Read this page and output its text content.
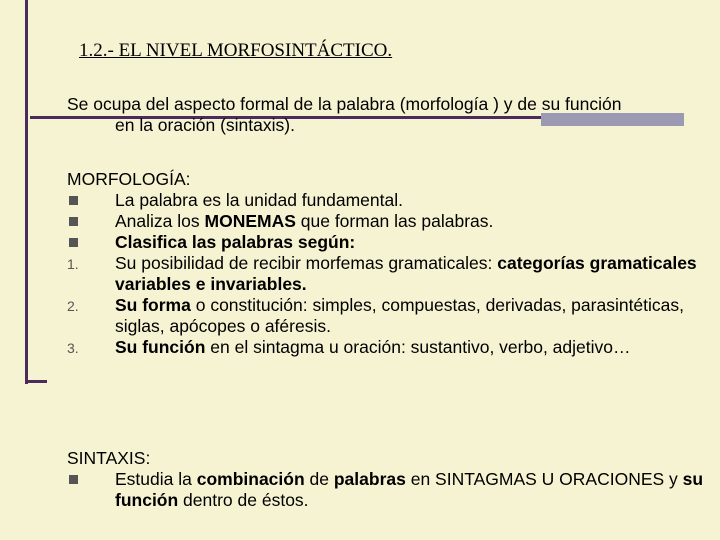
1.2.- EL NIVEL MORFOSINTÁCTICO.
Se ocupa del aspecto formal de la palabra (morfología ) y de su función
en la oración (sintaxis).
MORFOLOGÍA:
La palabra es la unidad fundamental.
Analiza los MONEMAS que forman las palabras.
Clasifica las palabras según:
1. Su posibilidad de recibir morfemas gramaticales: categorías gramaticales variables e invariables.
2. Su forma o constitución: simples, compuestas, derivadas, parasintéticas, siglas, apócopes o aféresis.
3. Su función en el sintagma u oración: sustantivo, verbo, adjetivo…
SINTAXIS:
Estudia la combinación de palabras en SINTAGMAS U ORACIONES y su función dentro de éstos.
